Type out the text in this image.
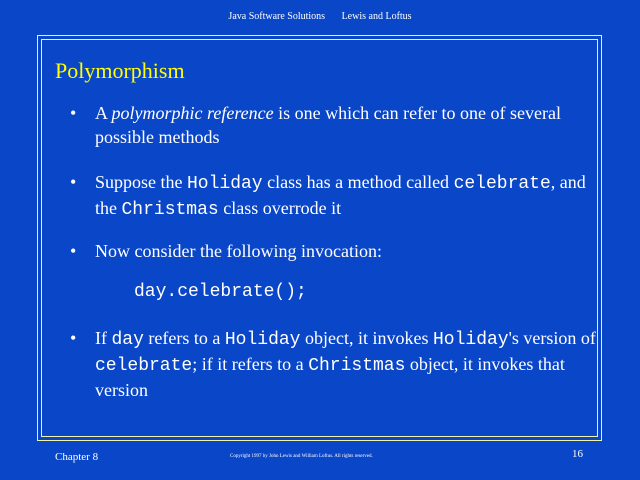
Java Software Solutions Lewis and Loftus
Polymorphism
• A polymorphic reference is one which can refer to one of several possible methods
• Suppose the Holiday class has a method called celebrate, and the Christmas class overrode it
• Now consider the following invocation:
day.celebrate();
• If day refers to a Holiday object, it invokes Holiday's version of celebrate; if it refers to a Christmas object, it invokes that version
Chapter 8	Copyright 1997 by John Lewis and William Loftus. All rights reserved.	16
